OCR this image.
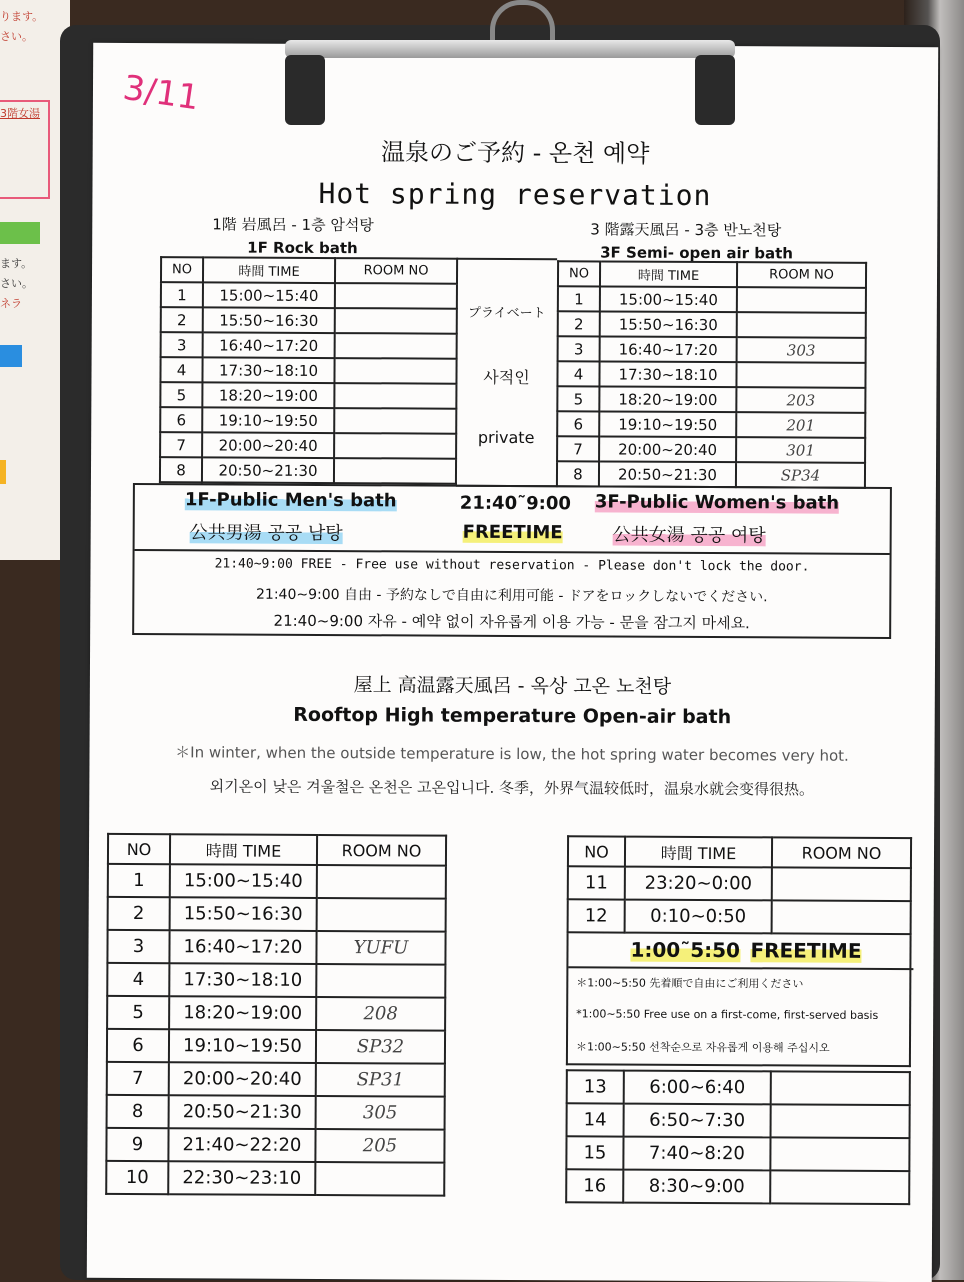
ります。
さい。
3階女湯
ます。
さい。
ネラ
3/11
温泉のご予約 - 온천 예약
Hot spring reservation
1階 岩風呂 - 1층 암석탕
1F Rock bath
3 階露天風呂 - 3층 반노천탕
3F Semi- open air bath
NO	時間 TIME	ROOM NO
1	15:00~15:40	
2	15:50~16:30	
3	16:40~17:20	
4	17:30~18:10	
5	18:20~19:00	
6	19:10~19:50	
7	20:00~20:40	
8	20:50~21:30	
プライベート
사적인
private
NO	時間 TIME	ROOM NO
1	15:00~15:40	
2	15:50~16:30	
3	16:40~17:20	303
4	17:30~18:10	
5	18:20~19:00	203
6	19:10~19:50	201
7	20:00~20:40	301
8	20:50~21:30	SP34
1F-Public Men's bath
公共男湯 공공 남탕
21:40˜9:00
FREETIME
3F-Public Women's bath
公共女湯 공공 여탕
21:40~9:00 FREE - Free use without reservation - Please don't lock the door.
21:40~9:00 自由 - 予約なしで自由に利用可能 - ドアをロックしないでください.
21:40~9:00 자유 - 예약 없이 자유롭게 이용 가능 - 문을 잠그지 마세요.
屋上 高温露天風呂 - 옥상 고온 노천탕
Rooftop High temperature Open-air bath
＊In winter, when the outside temperature is low, the hot spring water becomes very hot.
외기온이 낮은 겨울철은 온천은 고온입니다. 冬季，外界气温较低时，温泉水就会变得很热。
NO	時間 TIME	ROOM NO
1	15:00~15:40	
2	15:50~16:30	
3	16:40~17:20	YUFU
4	17:30~18:10	
5	18:20~19:00	208
6	19:10~19:50	SP32
7	20:00~20:40	SP31
8	20:50~21:30	305
9	21:40~22:20	205
10	22:30~23:10	
NO	時間 TIME	ROOM NO
11	23:20~0:00	
12	0:10~0:50	
1:00˜5:50 FREETIME
＊1:00~5:50 先着順で自由にご利用ください
*1:00~5:50 Free use on a first-come, first-served basis
＊1:00~5:50 선착순으로 자유롭게 이용해 주십시오
13	6:00~6:40	
14	6:50~7:30	
15	7:40~8:20	
16	8:30~9:00	
